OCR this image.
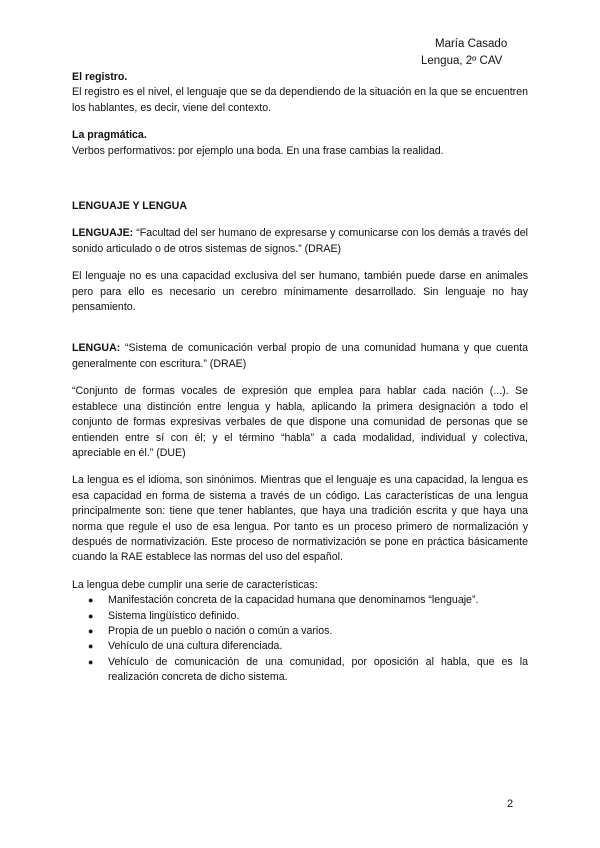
María Casado
Lengua, 2º CAV

El registro.

El registro es el nivel, el lenguaje que se da dependiendo de la situación en la que se encuentren los hablantes, es decir, viene del contexto.

La pragmática.

Verbos performativos: por ejemplo una boda. En una frase cambias la realidad.

LENGUAJE Y LENGUA

LENGUAJE: “Facultad del ser humano de expresarse y comunicarse con los demás a través del sonido articulado o de otros sistemas de signos.” (DRAE)

El lenguaje no es una capacidad exclusiva del ser humano, también puede darse en animales pero para ello es necesario un cerebro mínimamente desarrollado. Sin lenguaje no hay pensamiento.

LENGUA: “Sistema de comunicación verbal propio de una comunidad humana y que cuenta generalmente con escritura.” (DRAE)

“Conjunto de formas vocales de expresión que emplea para hablar cada nación (...). Se establece una distinción entre lengua y habla, aplicando la primera designación a todo el conjunto de formas expresivas verbales de que dispone una comunidad de personas que se entienden entre sí con él; y el término “habla” a cada modalidad, individual y colectiva, apreciable en él.” (DUE)

La lengua es el idioma, son sinónimos. Mientras que el lenguaje es una capacidad, la lengua es esa capacidad en forma de sistema a través de un código. Las características de una lengua principalmente son: tiene que tener hablantes, que haya una tradición escrita y que haya una norma que regule el uso de esa lengua. Por tanto es un proceso primero de normalización y después de normativización. Este proceso de normativización se pone en práctica básicamente cuando la RAE establece las normas del uso del español.

La lengua debe cumplir una serie de características:

● Manifestación concreta de la capacidad humana que denominamos “lenguaje”.
● Sistema lingüístico definido.
● Propia de un pueblo o nación o común a varios.
● Vehículo de una cultura diferenciada.
● Vehículo de comunicación de una comunidad, por oposición al habla, que es la realización concreta de dicho sistema.
2
